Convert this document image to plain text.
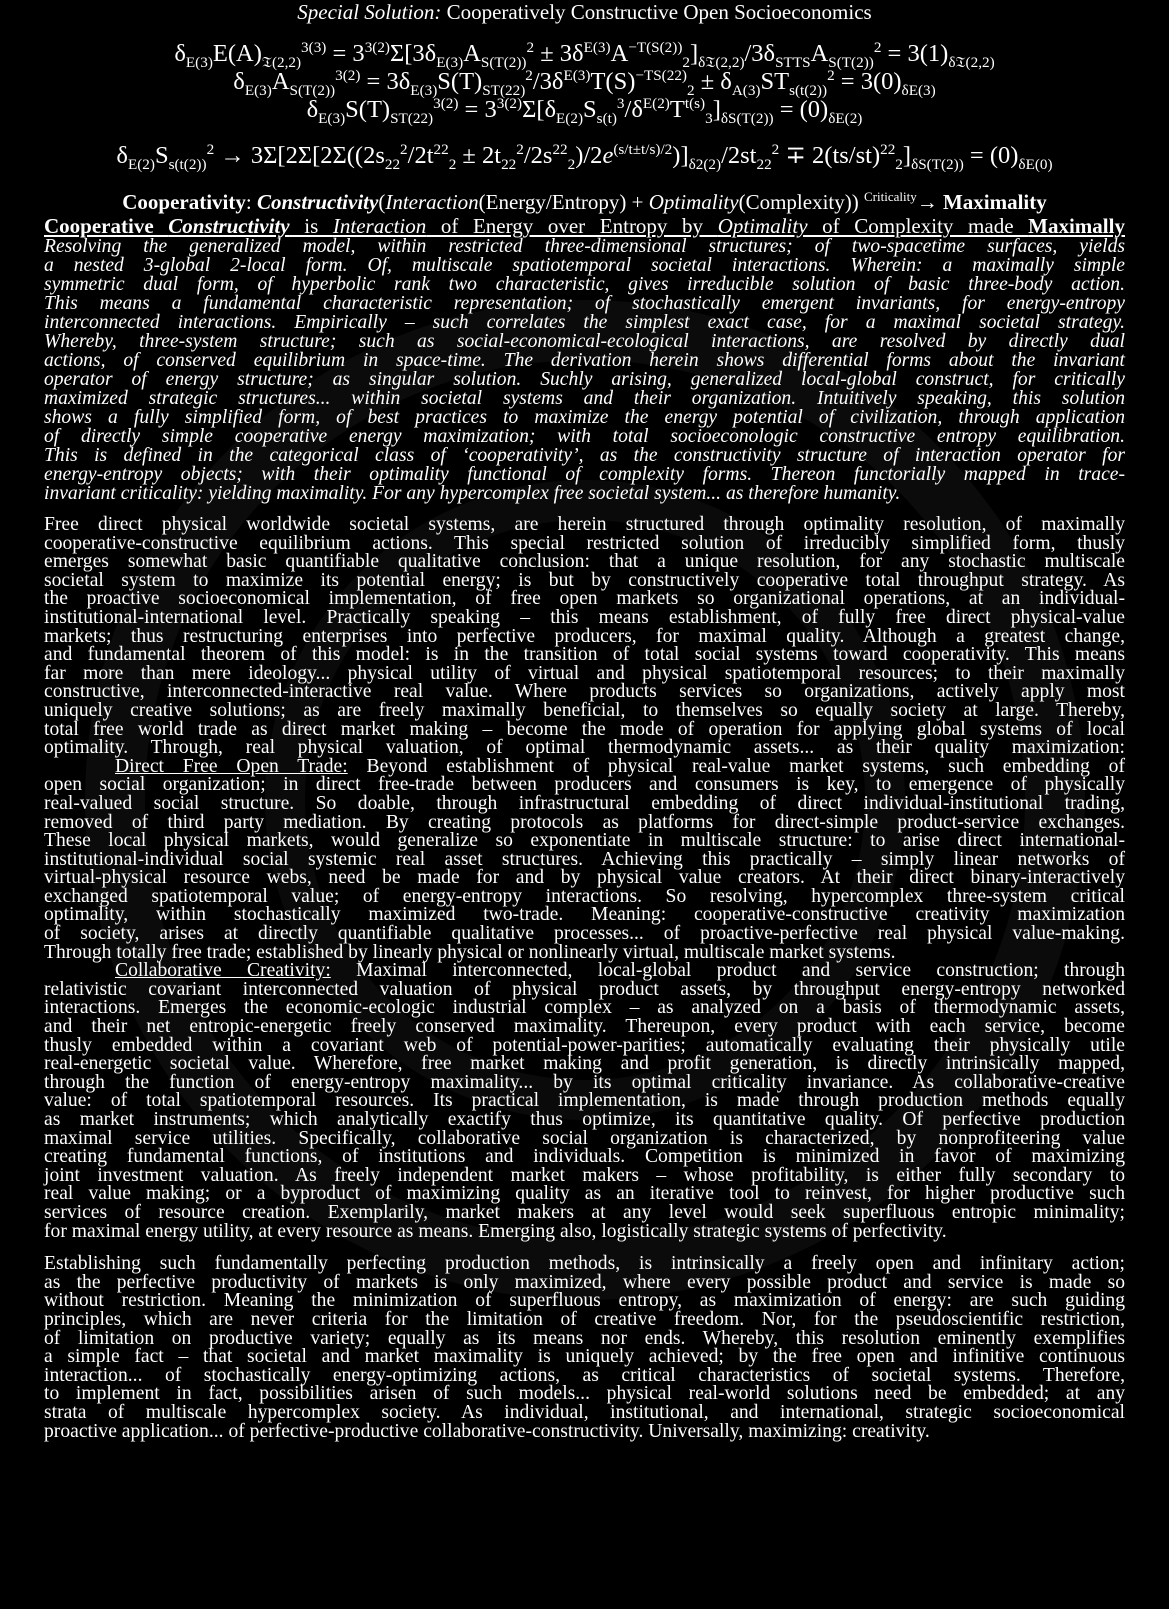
Special Solution: Cooperatively Constructive Open Socioeconomics
$\delta_{E(3)}E(A)_{𝔗(2,2)}^{3(3)} = 3^{3(2)}\Sigma[3\delta_{E(3)}A_{S(T(2))}^2 \pm 3\delta^{E(3)}A^{-T(S(2))}_2]_{\delta 𝔗(2,2)}/3\delta_{STTS}A_{S(T(2))}^2 = 3(1)_{\delta 𝔗(2,2)}$
$\delta_{E(3)}A_{S(T(2))}^{3(2)} = 3\delta_{E(3)}S(T)_{ST(22)}^2/3\delta^{E(3)}T(S)^{-TS(22)}_2 \pm \delta_{A(3)}ST_{s(t(2))}^2 = 3(0)_{\delta E(3)}$
$\delta_{E(3)}S(T)_{ST(22)}^{3(2)} = 3^{3(2)}\Sigma[\delta_{E(2)}S_{s(t)}^3/\delta^{E(2)}T^{t(s)}_3]_{\delta S(T(2))} = (0)_{\delta E(2)}$
$\delta_{E(2)}S_{s(t(2))}^2 \to 3\Sigma[2\Sigma[2\Sigma((2s_{22}^2/2t^{22}_2 \pm 2t_{22}^2/2s^{22}_2)/2e^{(s/t\pm t/s)/2})]_{\delta 2(2)}/2st_{22}^2 \mp 2(ts/st)^{22}_2]_{\delta S(T(2))} = (0)_{\delta E(0)}$
Cooperativity: Constructivity(Interaction(Energy/Entropy) + Optimality(Complexity)) $^{Criticality}$→ Maximality
Cooperative Constructivity is Interaction of Energy over Entropy by Optimality of Complexity made Maximally
Resolving the generalized model, within restricted three-dimensional structures; of two-spacetime surfaces, yields
a nested 3-global 2-local form. Of, multiscale spatiotemporal societal interactions. Wherein: a maximally simple
symmetric dual form, of hyperbolic rank two characteristic, gives irreducible solution of basic three-body action.
This means a fundamental characteristic representation; of stochastically emergent invariants, for energy-entropy
interconnected interactions. Empirically – such correlates the simplest exact case, for a maximal societal strategy.
Whereby, three-system structure; such as social-economical-ecological interactions, are resolved by directly dual
actions, of conserved equilibrium in space-time. The derivation herein shows differential forms about the invariant
operator of energy structure; as singular solution. Suchly arising, generalized local-global construct, for critically
maximized strategic structures... within societal systems and their organization. Intuitively speaking, this solution
shows a fully simplified form, of best practices to maximize the energy potential of civilization, through application
of directly simple cooperative energy maximization; with total socioeconologic constructive entropy equilibration.
This is defined in the categorical class of ‘cooperativity’, as the constructivity structure of interaction operator for
energy-entropy objects; with their optimality functional of complexity forms. Thereon functorially mapped in trace-
invariant criticality: yielding maximality. For any hypercomplex free societal system... as therefore humanity.
Free direct physical worldwide societal systems, are herein structured through optimality resolution, of maximally
cooperative-constructive equilibrium actions. This special restricted solution of irreducibly simplified form, thusly
emerges somewhat basic quantifiable qualitative conclusion: that a unique resolution, for any stochastic multiscale
societal system to maximize its potential energy; is but by constructively cooperative total throughput strategy. As
the proactive socioeconomical implementation, of free open markets so organizational operations, at an individual-
institutional-international level. Practically speaking – this means establishment, of fully free direct physical-value
markets; thus restructuring enterprises into perfective producers, for maximal quality. Although a greatest change,
and fundamental theorem of this model: is in the transition of total social systems toward cooperativity. This means
far more than mere ideology... physical utility of virtual and physical spatiotemporal resources; to their maximally
constructive, interconnected-interactive real value. Where products services so organizations, actively apply most
uniquely creative solutions; as are freely maximally beneficial, to themselves so equally society at large. Thereby,
total free world trade as direct market making – become the mode of operation for applying global systems of local
optimality. Through, real physical valuation, of optimal thermodynamic assets... as their quality maximization:
Direct Free Open Trade: Beyond establishment of physical real-value market systems, such embedding of
open social organization; in direct free-trade between producers and consumers is key, to emergence of physically
real-valued social structure. So doable, through infrastructural embedding of direct individual-institutional trading,
removed of third party mediation. By creating protocols as platforms for direct-simple product-service exchanges.
These local physical markets, would generalize so exponentiate in multiscale structure: to arise direct international-
institutional-individual social systemic real asset structures. Achieving this practically – simply linear networks of
virtual-physical resource webs, need be made for and by physical value creators. At their direct binary-interactively
exchanged spatiotemporal value; of energy-entropy interactions. So resolving, hypercomplex three-system critical
optimality, within stochastically maximized two-trade. Meaning: cooperative-constructive creativity maximization
of society, arises at directly quantifiable qualitative processes... of proactive-perfective real physical value-making.
Through totally free trade; established by linearly physical or nonlinearly virtual, multiscale market systems.
Collaborative Creativity: Maximal interconnected, local-global product and service construction; through
relativistic covariant interconnected valuation of physical product assets, by throughput energy-entropy networked
interactions. Emerges the economic-ecologic industrial complex – as analyzed on a basis of thermodynamic assets,
and their net entropic-energetic freely conserved maximality. Thereupon, every product with each service, become
thusly embedded within a covariant web of potential-power-parities; automatically evaluating their physically utile
real-energetic societal value. Wherefore, free market making and profit generation, is directly intrinsically mapped,
through the function of energy-entropy maximality... by its optimal criticality invariance. As collaborative-creative
value: of total spatiotemporal resources. Its practical implementation, is made through production methods equally
as market instruments; which analytically exactify thus optimize, its quantitative quality. Of perfective production
maximal service utilities. Specifically, collaborative social organization is characterized, by nonprofiteering value
creating fundamental functions, of institutions and individuals. Competition is minimized in favor of maximizing
joint investment valuation. As freely independent market makers – whose profitability, is either fully secondary to
real value making; or a byproduct of maximizing quality as an iterative tool to reinvest, for higher productive such
services of resource creation. Exemplarily, market makers at any level would seek superfluous entropic minimality;
for maximal energy utility, at every resource as means. Emerging also, logistically strategic systems of perfectivity.
Establishing such fundamentally perfecting production methods, is intrinsically a freely open and infinitary action;
as the perfective productivity of markets is only maximized, where every possible product and service is made so
without restriction. Meaning the minimization of superfluous entropy, as maximization of energy: are such guiding
principles, which are never criteria for the limitation of creative freedom. Nor, for the pseudoscientific restriction,
of limitation on productive variety; equally as its means nor ends. Whereby, this resolution eminently exemplifies
a simple fact – that societal and market maximality is uniquely achieved; by the free open and infinitive continuous
interaction... of stochastically energy-optimizing actions, as critical characteristics of societal systems. Therefore,
to implement in fact, possibilities arisen of such models... physical real-world solutions need be embedded; at any
strata of multiscale hypercomplex society. As individual, institutional, and international, strategic socioeconomical
proactive application... of perfective-productive collaborative-constructivity. Universally, maximizing: creativity.
